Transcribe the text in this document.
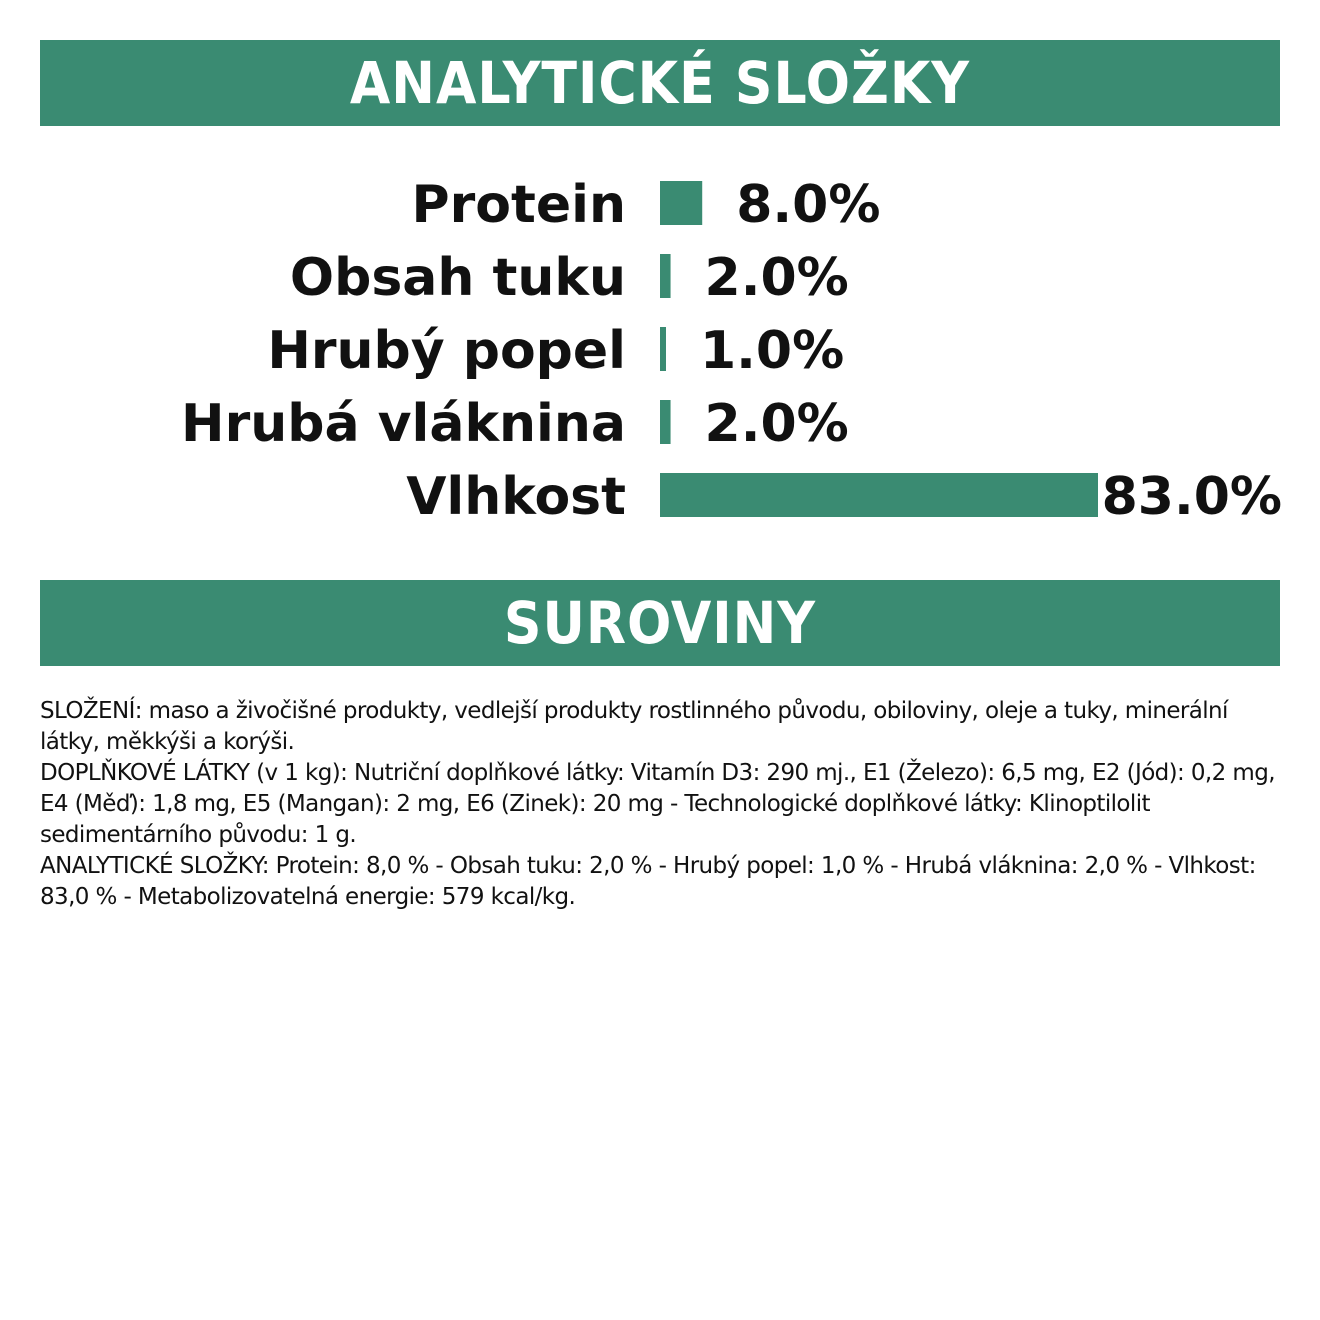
ANALYTICKÉ SLOŽKY
Protein 8.0%
Obsah tuku 2.0%
Hrubý popel 1.0%
Hrubá vláknina 2.0%
Vlhkost	83.0%
SUROVINY

SLOŽENÍ: maso a živočišné produkty, vedlejší produkty rostlinného původu, obiloviny, oleje a tuky, minerální látky, měkkýši a korýši.

DOPLŇKOVÉ LÁTKY (v 1 kg): Nutriční doplňkové látky: Vitamín D3: 290 mj., E1 (Železo): 6,5 mg, E2 (Jód): 0,2 mg, E4 (Měď): 1,8 mg, E5 (Mangan): 2 mg, E6 (Zinek): 20 mg - Technologické doplňkové látky: Klinoptilolit sedimentárního původu: 1 g.

ANALYTICKÉ SLOŽKY: Protein: 8,0 % - Obsah tuku: 2,0 % - Hrubý popel: 1,0 % - Hrubá vláknina: 2,0 % - Vlhkost: 83,0 % - Metabolizovatelná energie: 579 kcal/kg.
